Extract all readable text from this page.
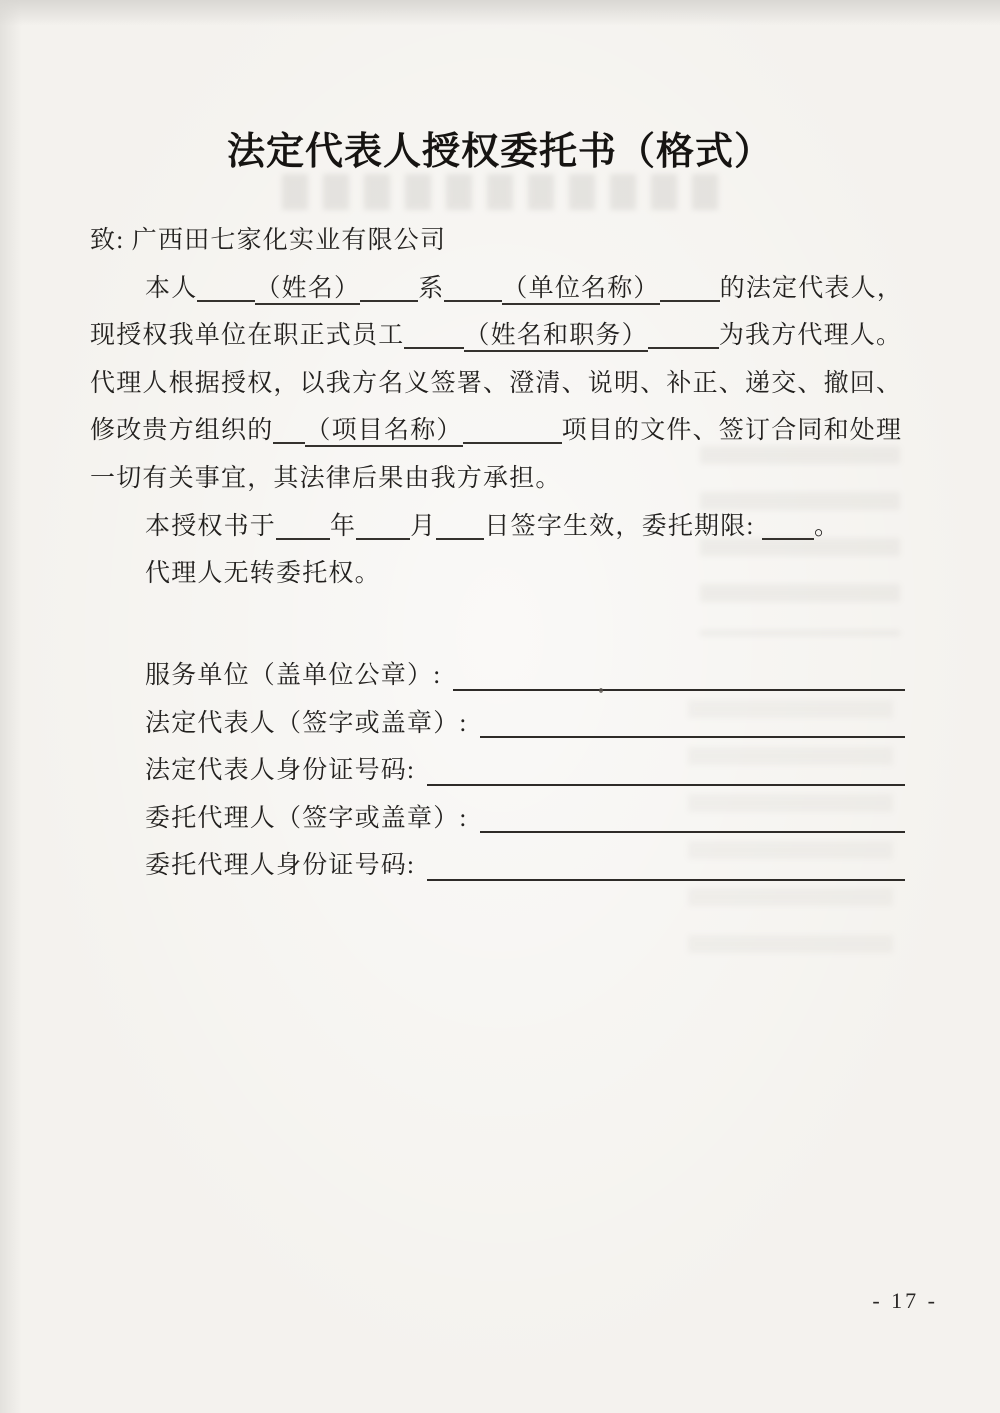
法定代表人授权委托书（格式）
致: 广西田七家化实业有限公司
本人 （姓名） 系 （单位名称） 的法定代表人，
现授权我单位在职正式员工 （姓名和职务）	为我方代理人。
代理人根据授权，以我方名义签署、澄清、说明、补正、递交、撤回、
修改贵方组织的 （项目名称）	项目的文件、签订合同和处理
一切有关事宜，其法律后果由我方承担。
本授权书于 年 月 日签字生效，委托期限: 。
代理人无转委托权。
服务单位（盖单位公章）:
法定代表人（签字或盖章）:
法定代表人身份证号码:
委托代理人（签字或盖章）:
委托代理人身份证号码:
- 17 -
